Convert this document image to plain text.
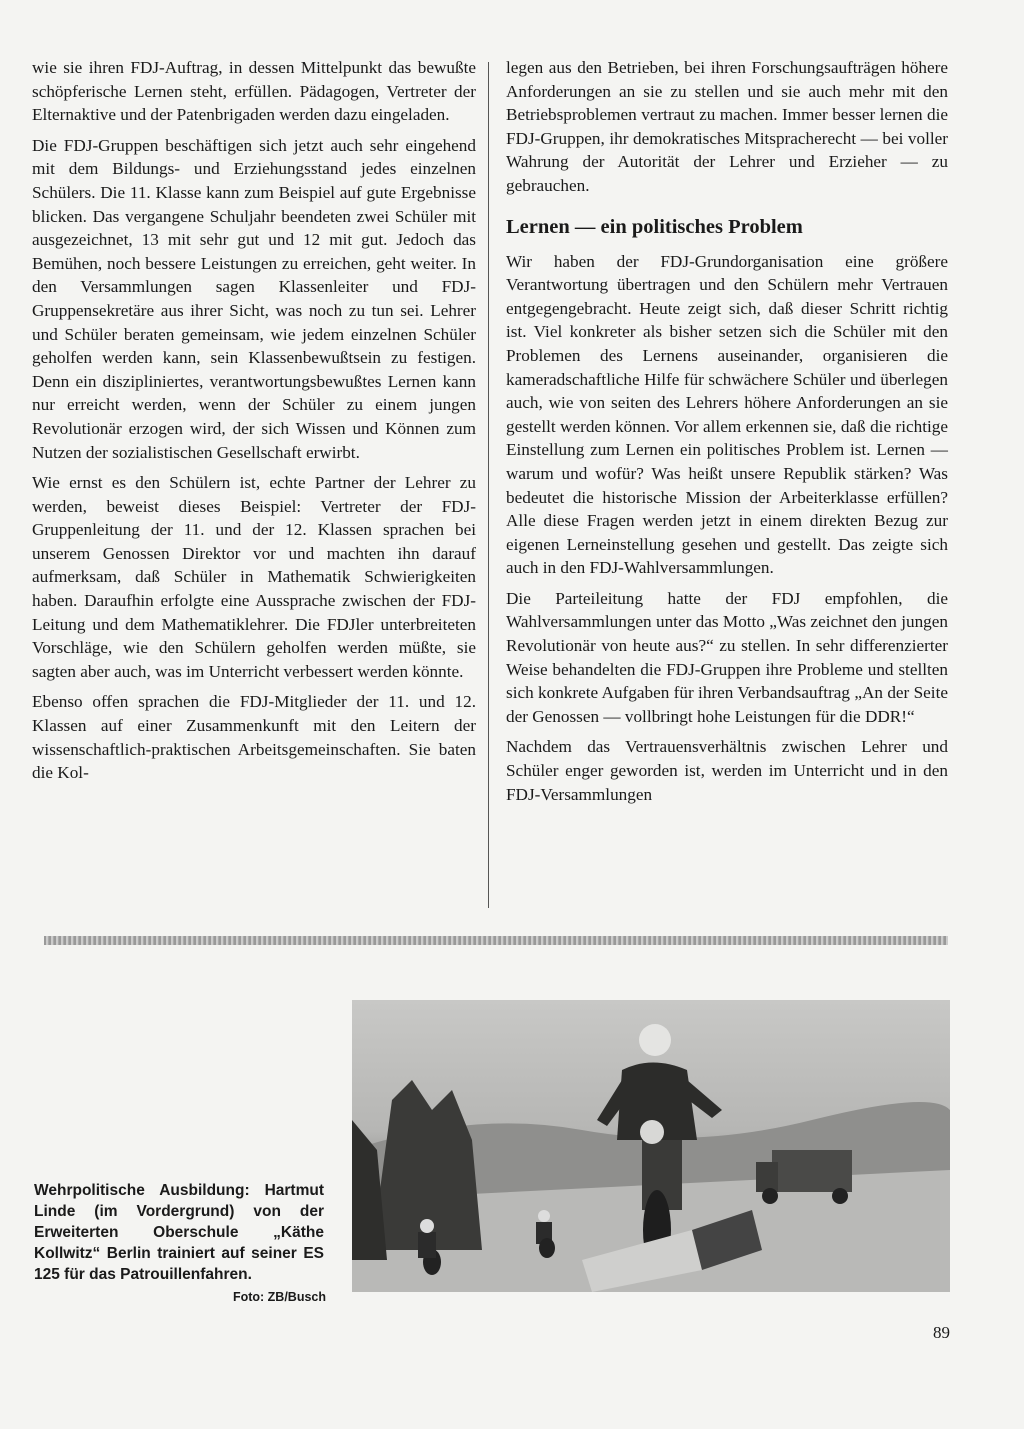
wie sie ihren FDJ-Auftrag, in dessen Mittelpunkt das bewußte schöpferische Lernen steht, erfüllen. Pädagogen, Vertreter der Elternaktive und der Patenbrigaden werden dazu eingeladen.

Die FDJ-Gruppen beschäftigen sich jetzt auch sehr eingehend mit dem Bildungs- und Erziehungsstand jedes einzelnen Schülers. Die 11. Klasse kann zum Beispiel auf gute Ergebnisse blicken. Das vergangene Schuljahr beendeten zwei Schüler mit ausgezeichnet, 13 mit sehr gut und 12 mit gut. Jedoch das Bemühen, noch bessere Leistungen zu erreichen, geht weiter. In den Versammlungen sagen Klassenleiter und FDJ-Gruppensekretäre aus ihrer Sicht, was noch zu tun sei. Lehrer und Schüler beraten gemeinsam, wie jedem einzelnen Schüler geholfen werden kann, sein Klassenbewußtsein zu festigen. Denn ein diszipliniertes, verantwortungsbewußtes Lernen kann nur erreicht werden, wenn der Schüler zu einem jungen Revolutionär erzogen wird, der sich Wissen und Können zum Nutzen der sozialistischen Gesellschaft erwirbt.

Wie ernst es den Schülern ist, echte Partner der Lehrer zu werden, beweist dieses Beispiel: Vertreter der FDJ-Gruppenleitung der 11. und der 12. Klassen sprachen bei unserem Genossen Direktor vor und machten ihn darauf aufmerksam, daß Schüler in Mathematik Schwierigkeiten haben. Daraufhin erfolgte eine Aussprache zwischen der FDJ-Leitung und dem Mathematiklehrer. Die FDJler unterbreiteten Vorschläge, wie den Schülern geholfen werden müßte, sie sagten aber auch, was im Unterricht verbessert werden könnte.

Ebenso offen sprachen die FDJ-Mitglieder der 11. und 12. Klassen auf einer Zusammenkunft mit den Leitern der wissenschaftlich-praktischen Arbeitsgemeinschaften. Sie baten die Kol-

legen aus den Betrieben, bei ihren Forschungsaufträgen höhere Anforderungen an sie zu stellen und sie auch mehr mit den Betriebsproblemen vertraut zu machen. Immer besser lernen die FDJ-Gruppen, ihr demokratisches Mitspracherecht — bei voller Wahrung der Autorität der Lehrer und Erzieher — zu gebrauchen.

Lernen — ein politisches Problem

Wir haben der FDJ-Grundorganisation eine größere Verantwortung übertragen und den Schülern mehr Vertrauen entgegengebracht. Heute zeigt sich, daß dieser Schritt richtig ist. Viel konkreter als bisher setzen sich die Schüler mit den Problemen des Lernens auseinander, organisieren die kameradschaftliche Hilfe für schwächere Schüler und überlegen auch, wie von seiten des Lehrers höhere Anforderungen an sie gestellt werden können. Vor allem erkennen sie, daß die richtige Einstellung zum Lernen ein politisches Problem ist. Lernen — warum und wofür? Was heißt unsere Republik stärken? Was bedeutet die historische Mission der Arbeiterklasse erfüllen? Alle diese Fragen werden jetzt in einem direkten Bezug zur eigenen Lerneinstellung gesehen und gestellt. Das zeigte sich auch in den FDJ-Wahlversammlungen.

Die Parteileitung hatte der FDJ empfohlen, die Wahlversammlungen unter das Motto „Was zeichnet den jungen Revolutionär von heute aus?“ zu stellen. In sehr differenzierter Weise behandelten die FDJ-Gruppen ihre Probleme und stellten sich konkrete Aufgaben für ihren Verbandsauftrag „An der Seite der Genossen — vollbringt hohe Leistungen für die DDR!“

Nachdem das Vertrauensverhältnis zwischen Lehrer und Schüler enger geworden ist, werden im Unterricht und in den FDJ-Versammlungen

Wehrpolitische Ausbildung: Hartmut Linde (im Vordergrund) von der Erweiterten Oberschule „Käthe Kollwitz“ Berlin trainiert auf seiner ES 125 für das Patrouillenfahren.

Foto: ZB/Busch
89
